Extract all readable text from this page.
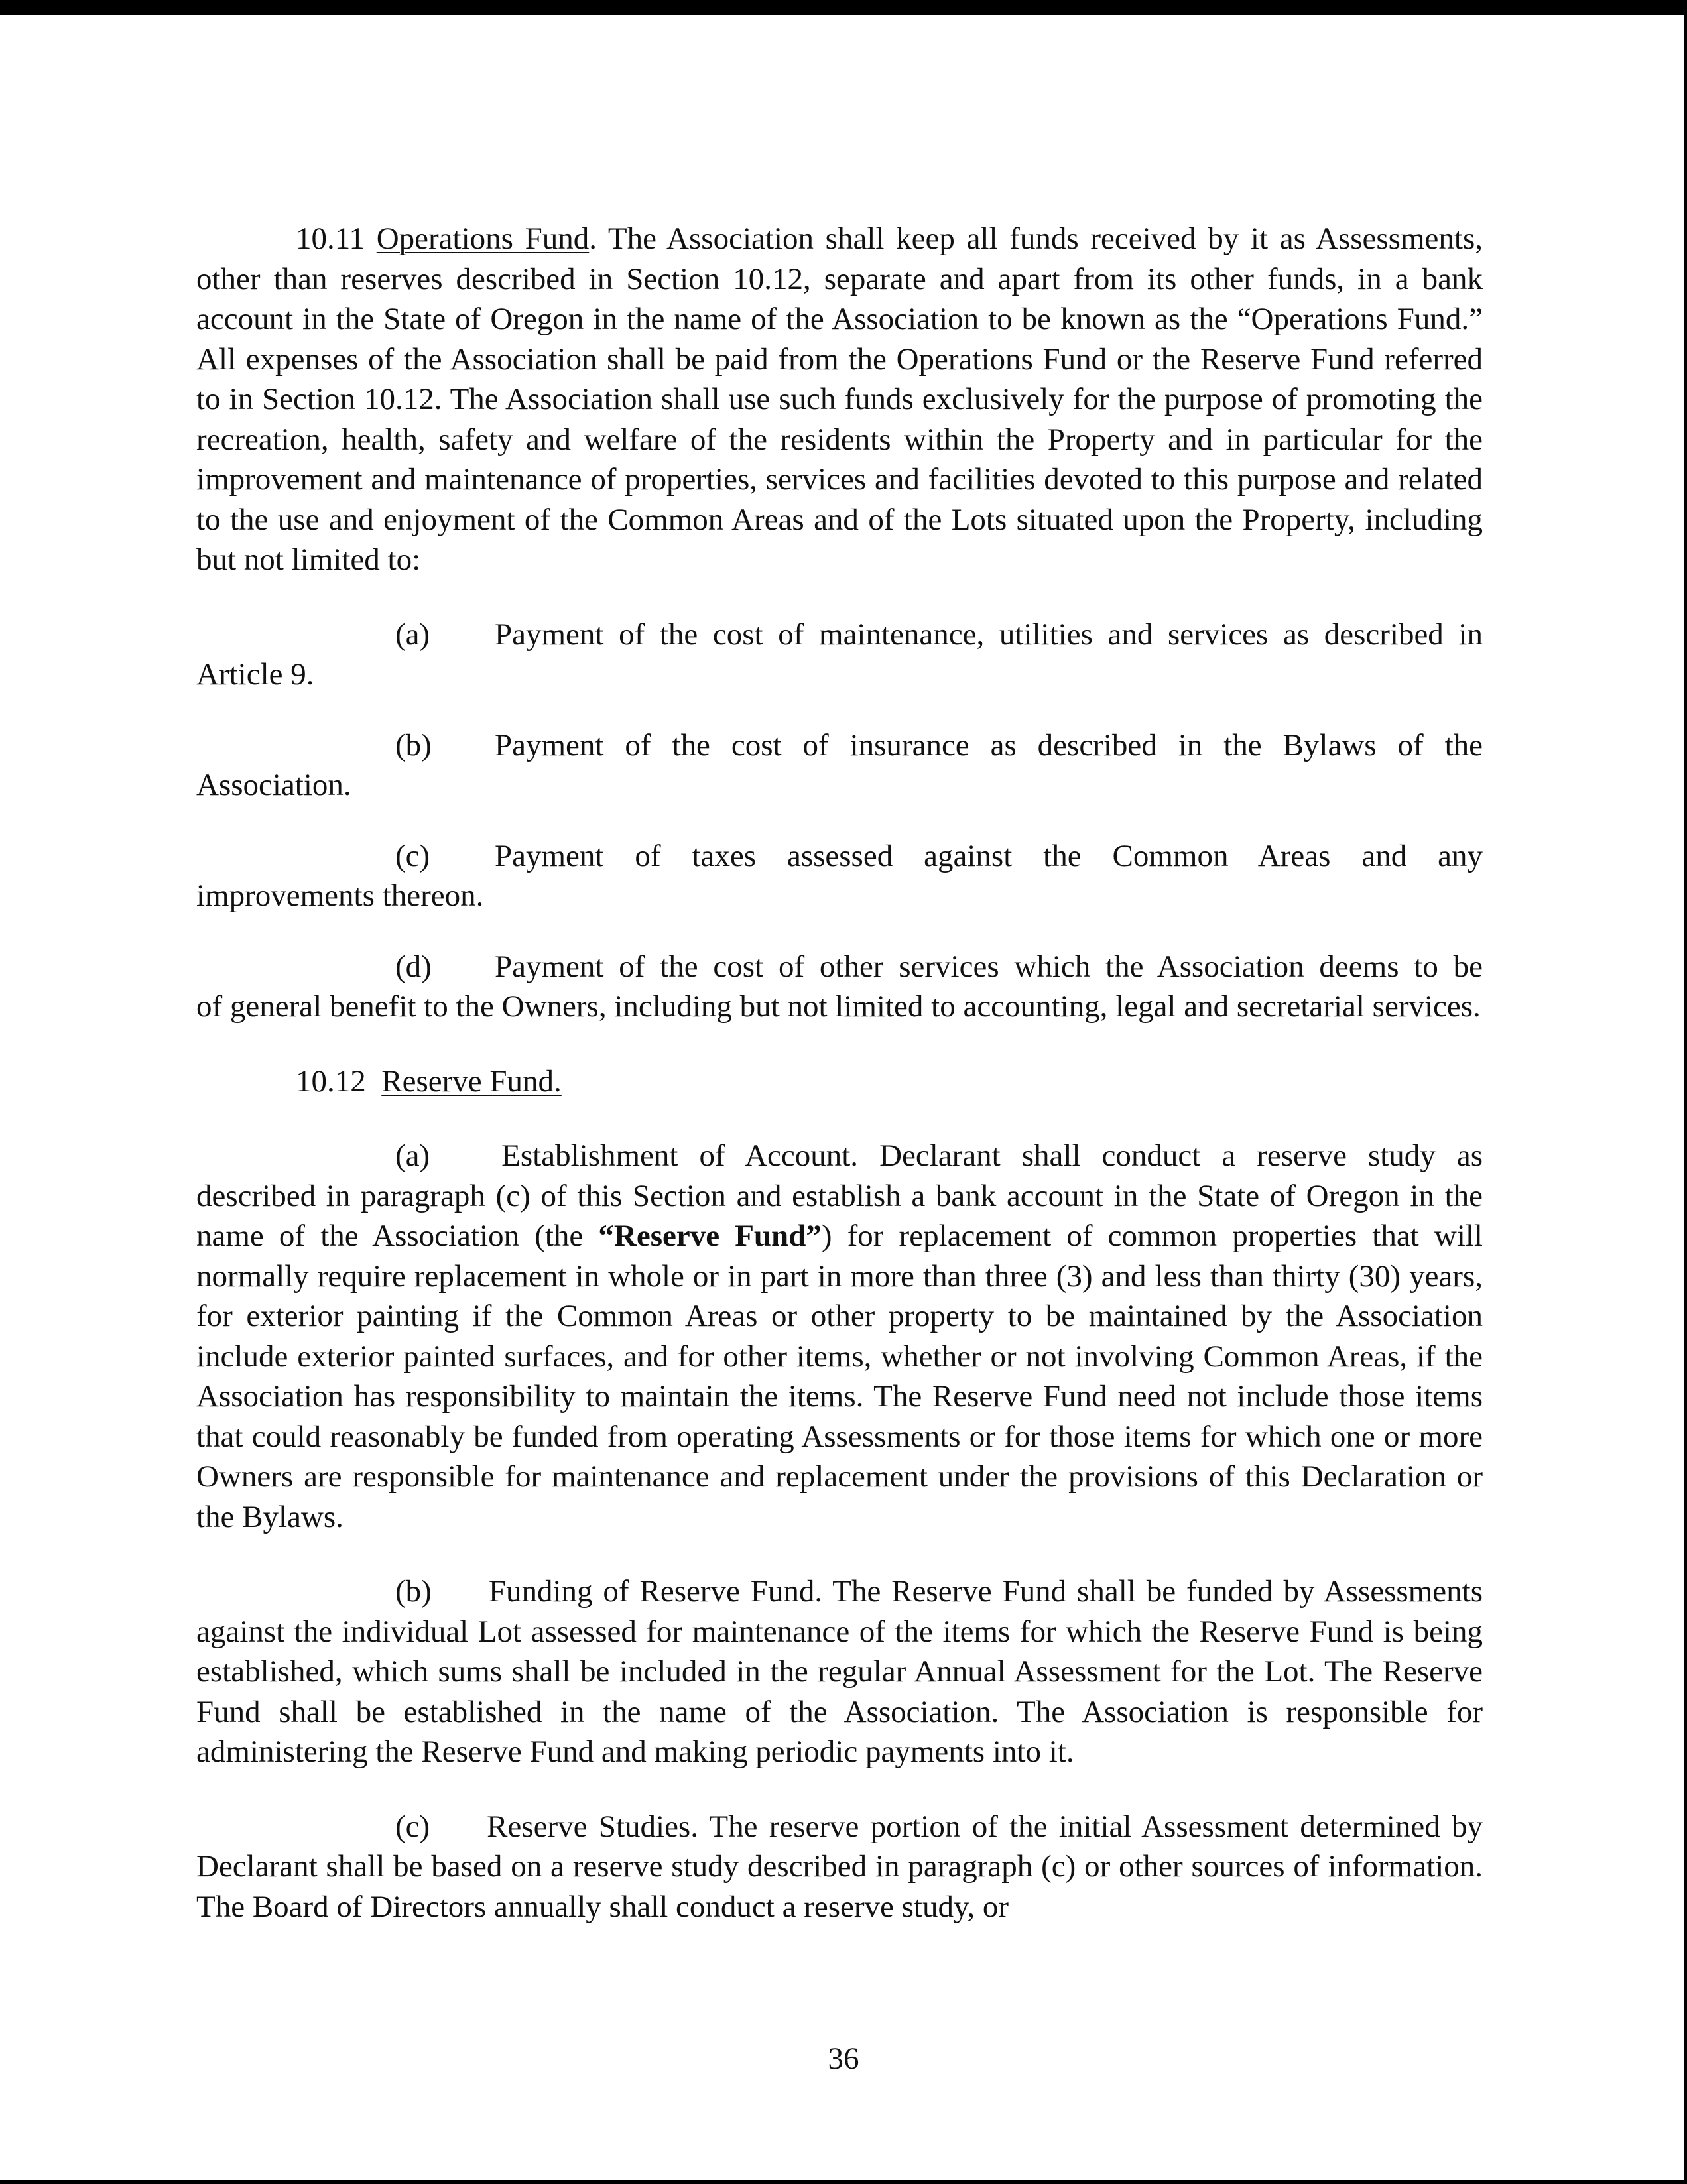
10.11 Operations Fund. The Association shall keep all funds received by it as Assessments, other than reserves described in Section 10.12, separate and apart from its other funds, in a bank account in the State of Oregon in the name of the Association to be known as the “Operations Fund.” All expenses of the Association shall be paid from the Operations Fund or the Reserve Fund referred to in Section 10.12. The Association shall use such funds exclusively for the purpose of promoting the recreation, health, safety and welfare of the residents within the Property and in particular for the improvement and maintenance of properties, services and facilities devoted to this purpose and related to the use and enjoyment of the Common Areas and of the Lots situated upon the Property, including but not limited to:

(a)	Payment of the cost of maintenance, utilities and services as described in

Article 9.

(b)	Payment of the cost of insurance as described in the Bylaws of the

Association.

(c)	Payment of taxes assessed against the Common Areas and any

improvements thereon.

(d)	Payment of the cost of other services which the Association deems to be

of general benefit to the Owners, including but not limited to accounting, legal and secretarial services.

10.12 Reserve Fund.

(a) Establishment of Account. Declarant shall conduct a reserve study as described in paragraph (c) of this Section and establish a bank account in the State of Oregon in the name of the Association (the “Reserve Fund”) for replacement of common properties that will normally require replacement in whole or in part in more than three (3) and less than thirty (30) years, for exterior painting if the Common Areas or other property to be maintained by the Association include exterior painted surfaces, and for other items, whether or not involving Common Areas, if the Association has responsibility to maintain the items. The Reserve Fund need not include those items that could reasonably be funded from operating Assessments or for those items for which one or more Owners are responsible for maintenance and replacement under the provisions of this Declaration or the Bylaws.

(b) Funding of Reserve Fund. The Reserve Fund shall be funded by Assessments against the individual Lot assessed for maintenance of the items for which the Reserve Fund is being established, which sums shall be included in the regular Annual Assessment for the Lot. The Reserve Fund shall be established in the name of the Association. The Association is responsible for administering the Reserve Fund and making periodic payments into it.

(c) Reserve Studies. The reserve portion of the initial Assessment determined by Declarant shall be based on a reserve study described in paragraph (c) or other sources of information. The Board of Directors annually shall conduct a reserve study, or

36
